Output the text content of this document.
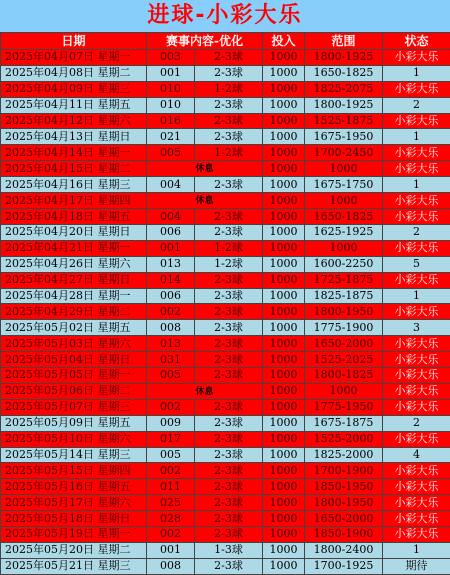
进球-小彩大乐
日期	赛事内容-优化		投入	范围	状态
2025年04月07日 星期一	003	2-3球	1000	1800-1925	小彩大乐
2025年04月08日 星期二	001	2-3球	1000	1650-1825	1
2025年04月09日 星期三	010	1-2球	1000	1825-2075	小彩大乐
2025年04月11日 星期五	010	2-3球	1000	1800-1925	2
2025年04月12日 星期六	016	2-3球	1000	1525-1875	小彩大乐
2025年04月13日 星期日	021	2-3球	1000	1675-1950	1
2025年04月14日 星期一	005	1-2球	1000	1700-2450	小彩大乐
2025年04月15日 星期二	休息		1000	1000	小彩大乐
2025年04月16日 星期三	004	2-3球	1000	1675-1750	1
2025年04月17日 星期四	休息		1000	1000	小彩大乐
2025年04月18日 星期五	004	2-3球	1000	1650-1825	小彩大乐
2025年04月20日 星期日	006	2-3球	1000	1625-1925	2
2025年04月21日 星期一	001	1-2球	1000	1000	小彩大乐
2025年04月26日 星期六	013	1-2球	1000	1600-2250	5
2025年04月27日 星期日	014	2-3球	1000	1725-1875	小彩大乐
2025年04月28日 星期一	006	2-3球	1000	1825-1875	1
2025年04月29日 星期二	002	2-3球	1000	1800-1950	小彩大乐
2025年05月02日 星期五	008	2-3球	1000	1775-1900	3
2025年05月03日 星期六	013	2-3球	1000	1650-2000	小彩大乐
2025年05月04日 星期日	031	2-3球	1000	1525-2025	小彩大乐
2025年05月05日 星期一	005	2-3球	1000	1800-1825	小彩大乐
2025年05月06日 星期二	休息		1000	1000	小彩大乐
2025年05月07日 星期三	002	2-3球	1000	1775-1950	小彩大乐
2025年05月09日 星期五	009	2-3球	1000	1675-1875	2
2025年05月10日 星期六	017	2-3球	1000	1525-2000	小彩大乐
2025年05月14日 星期三	005	2-3球	1000	1825-2000	4
2025年05月15日 星期四	002	2-3球	1000	1700-1900	小彩大乐
2025年05月16日 星期五	011	2-3球	1000	1850-1950	小彩大乐
2025年05月17日 星期六	025	2-3球	1000	1800-1950	小彩大乐
2025年05月18日 星期日	028	2-3球	1000	1650-2000	小彩大乐
2025年05月19日 星期一	002	2-3球	1000	1850-1900	小彩大乐
2025年05月20日 星期二	001	1-3球	1000	1800-2400	1
2025年05月21日 星期三	008	2-3球	1000	1700-1925	期待
